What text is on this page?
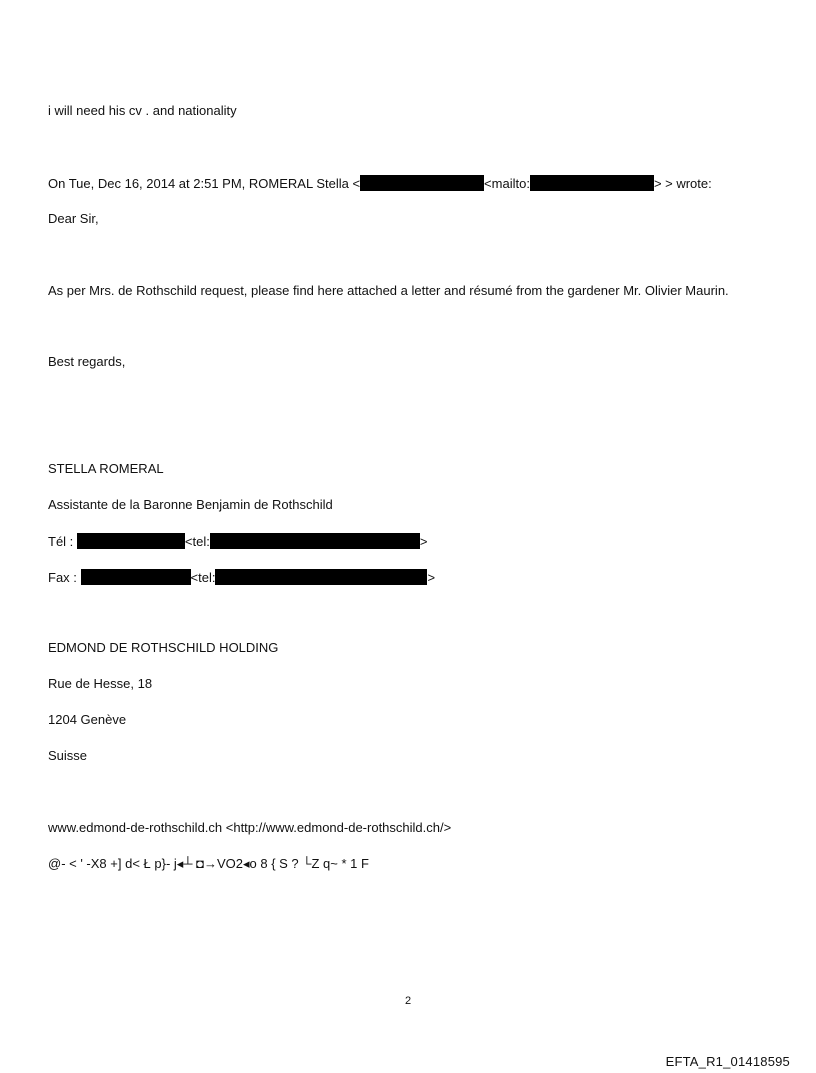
i will need his cv . and nationality
On Tue, Dec 16, 2014 at 2:51 PM, ROMERAL Stella <	<mailto:	> > wrote:
Dear Sir,
As per Mrs. de Rothschild request, please find here attached a letter and résumé from the gardener Mr. Olivier Maurin.
Best regards,
STELLA ROMERAL
Assistante de la Baronne Benjamin de Rothschild
Tél :	<tel:	>
Fax :	<tel:	>
EDMOND DE ROTHSCHILD HOLDING
Rue de Hesse, 18
1204 Genève
Suisse
www.edmond-de-rothschild.ch <http://www.edmond-de-rothschild.ch/>
@- < ' -X8 +] d< Ł p}- j◂┴ ◘→VO2◂o 8 { S ? └Z q~ * 1 F
2
EFTA_R1_01418595
